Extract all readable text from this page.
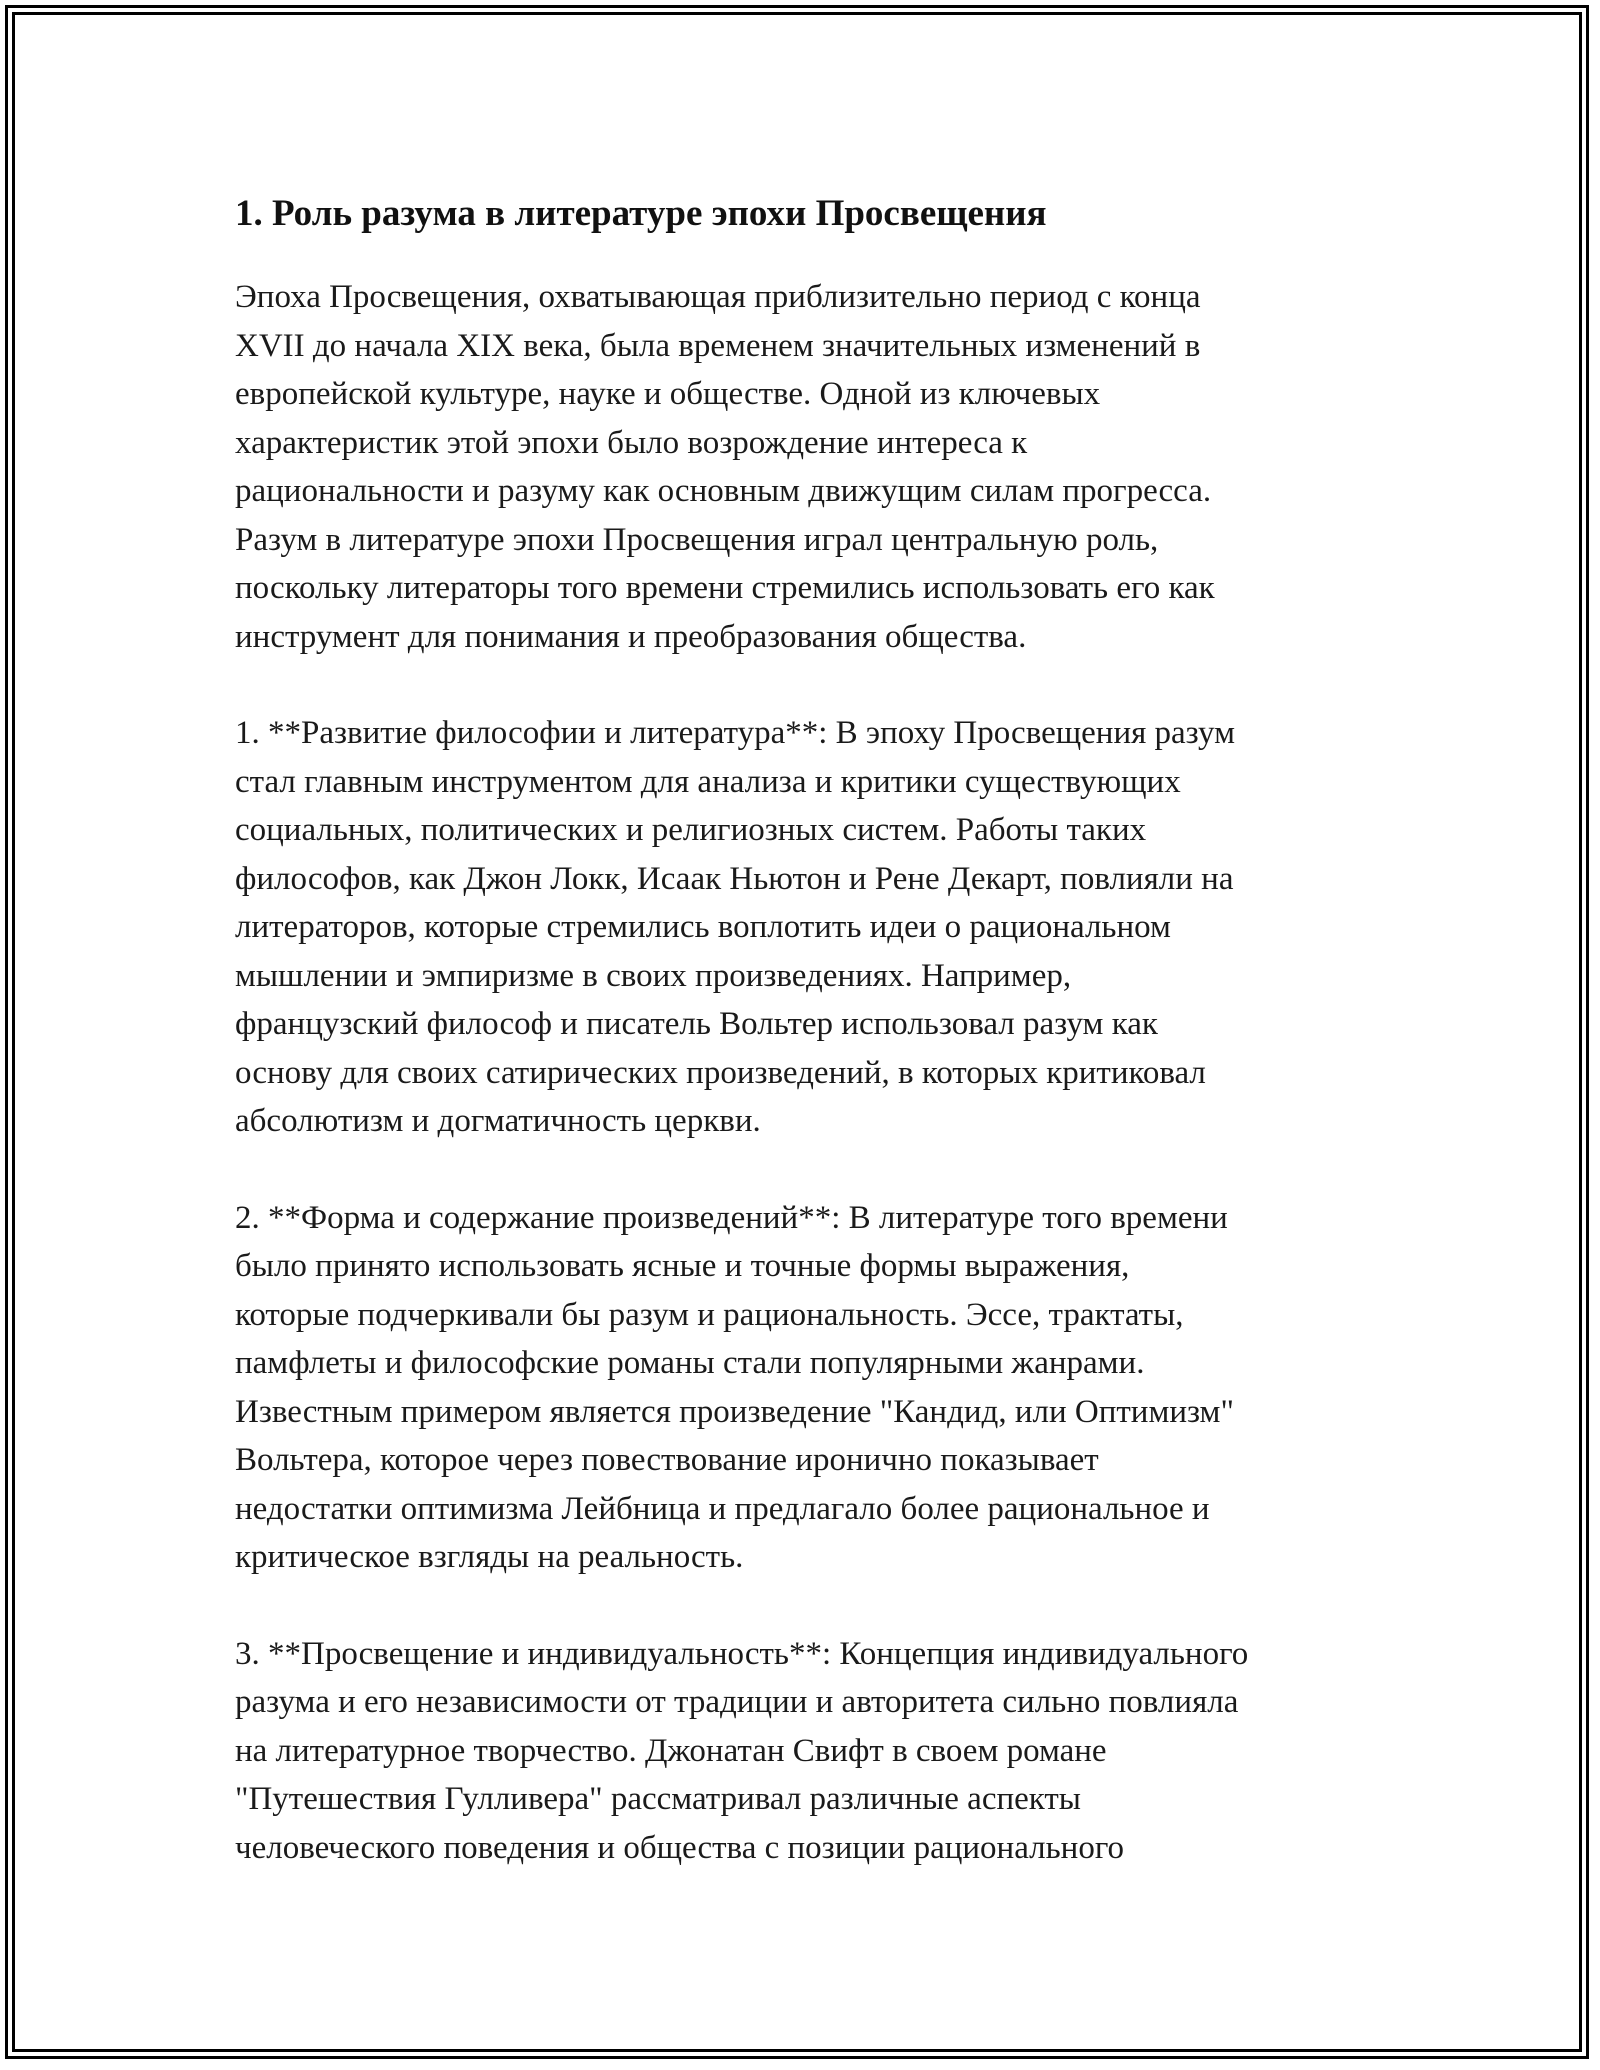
1. Роль разума в литературе эпохи Просвещения

Эпоха Просвещения, охватывающая приблизительно период с конца
XVII до начала XIX века, была временем значительных изменений в
европейской культуре, науке и обществе. Одной из ключевых
характеристик этой эпохи было возрождение интереса к
рациональности и разуму как основным движущим силам прогресса.
Разум в литературе эпохи Просвещения играл центральную роль,
поскольку литераторы того времени стремились использовать его как
инструмент для понимания и преобразования общества.

1. **Развитие философии и литература**: В эпоху Просвещения разум
стал главным инструментом для анализа и критики существующих
социальных, политических и религиозных систем. Работы таких
философов, как Джон Локк, Исаак Ньютон и Рене Декарт, повлияли на
литераторов, которые стремились воплотить идеи о рациональном
мышлении и эмпиризме в своих произведениях. Например,
французский философ и писатель Вольтер использовал разум как
основу для своих сатирических произведений, в которых критиковал
абсолютизм и догматичность церкви.

2. **Форма и содержание произведений**: В литературе того времени
было принято использовать ясные и точные формы выражения,
которые подчеркивали бы разум и рациональность. Эссе, трактаты,
памфлеты и философские романы стали популярными жанрами.
Известным примером является произведение "Кандид, или Оптимизм"
Вольтера, которое через повествование иронично показывает
недостатки оптимизма Лейбница и предлагало более рациональное и
критическое взгляды на реальность.

3. **Просвещение и индивидуальность**: Концепция индивидуального
разума и его независимости от традиции и авторитета сильно повлияла
на литературное творчество. Джонатан Свифт в своем романе
"Путешествия Гулливера" рассматривал различные аспекты
человеческого поведения и общества с позиции рационального
